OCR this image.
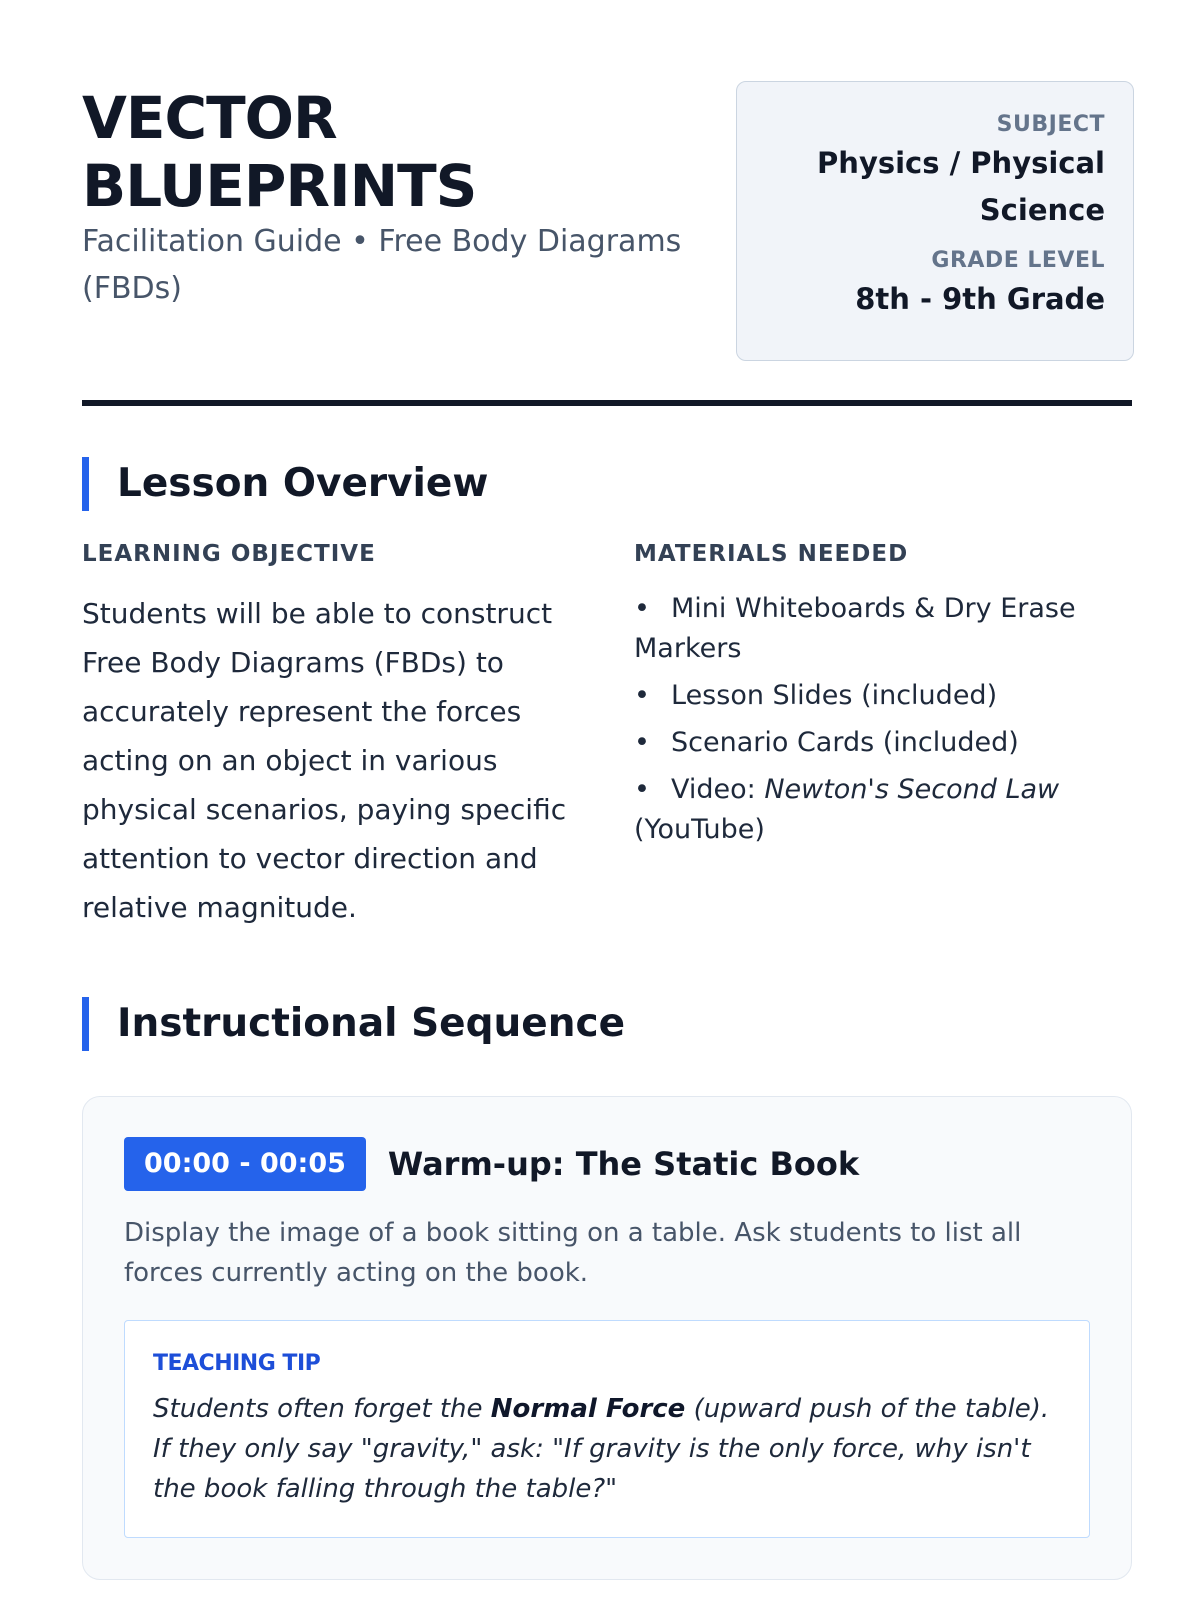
VECTOR
BLUEPRINTS
Facilitation Guide • Free Body Diagrams (FBDs)
SUBJECT
Physics / Physical
Science
GRADE LEVEL
8th - 9th Grade
Lesson Overview
LEARNING OBJECTIVE

Students will be able to construct Free Body Diagrams (FBDs) to accurately represent the forces acting on an object in various physical scenarios, paying specific attention to vector direction and relative magnitude.

MATERIALS NEEDED
• Mini Whiteboards & Dry Erase Markers
• Lesson Slides (included)
• Scenario Cards (included)
• Video: Newton's Second Law (YouTube)
Instructional Sequence
00:00 - 00:05	Warm-up: The Static Book

Display the image of a book sitting on a table. Ask students to list all forces currently acting on the book.

TEACHING TIP

Students often forget the Normal Force (upward push of the table). If they only say "gravity," ask: "If gravity is the only force, why isn't the book falling through the table?"
